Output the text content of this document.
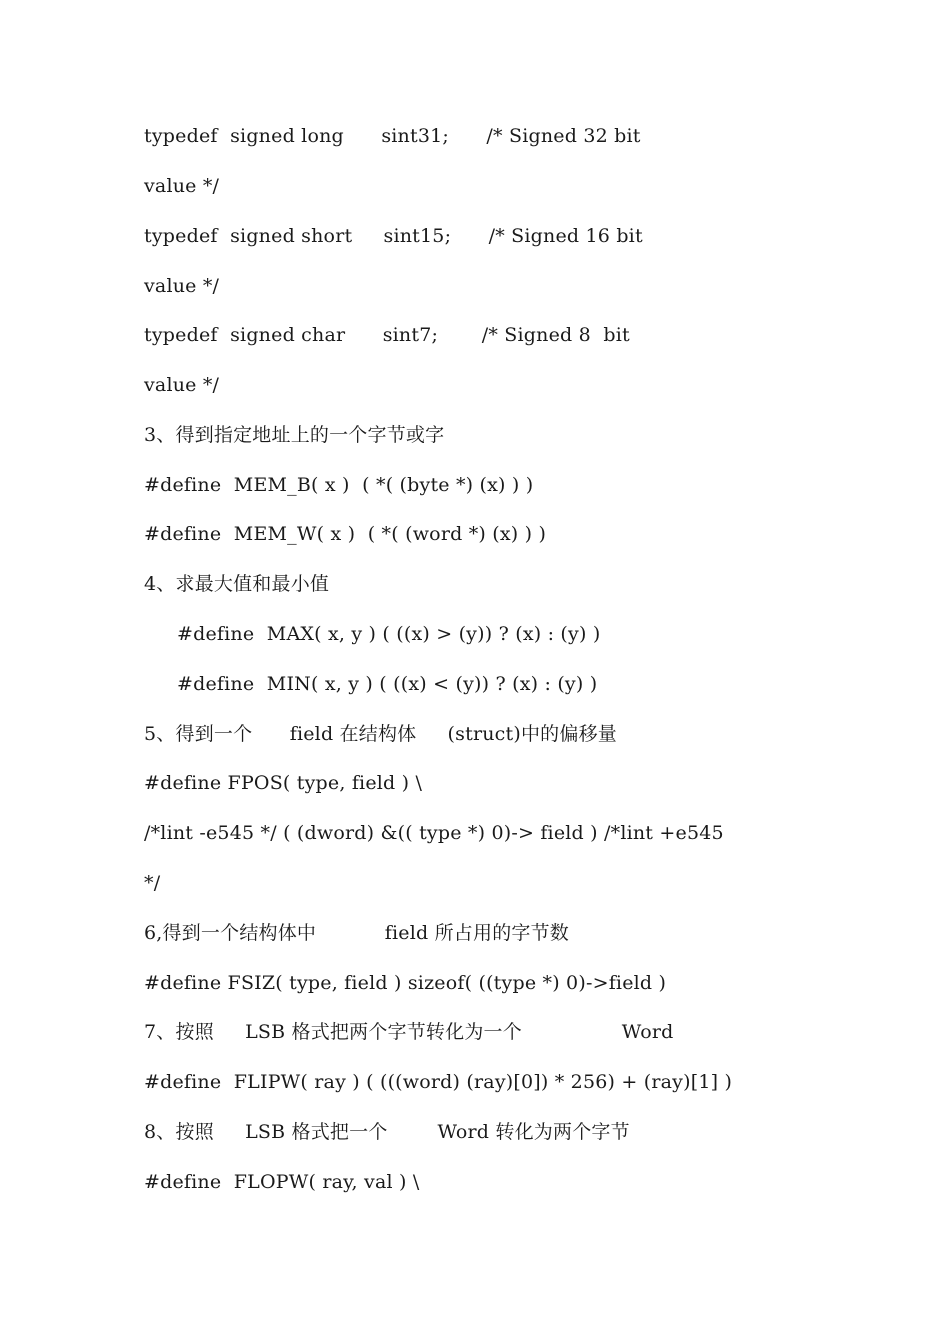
typedef  signed long      sint31;      /* Signed 32 bit
value */
typedef  signed short     sint15;      /* Signed 16 bit
value */
typedef  signed char      sint7;       /* Signed 8  bit
value */
3、得到指定地址上的一个字节或字
#define  MEM_B( x )  ( *( (byte *) (x) ) )
#define  MEM_W( x )  ( *( (word *) (x) ) )
4、求最大值和最小值
#define  MAX( x, y ) ( ((x) > (y)) ? (x) : (y) )
#define  MIN( x, y ) ( ((x) < (y)) ? (x) : (y) )
5、得到一个      field 在结构体     (struct)中的偏移量
#define FPOS( type, field ) \
/*lint -e545 */ ( (dword) &(( type *) 0)-> field ) /*lint +e545
*/
6,得到一个结构体中           field 所占用的字节数
#define FSIZ( type, field ) sizeof( ((type *) 0)->field )
7、按照     LSB 格式把两个字节转化为一个                Word
#define  FLIPW( ray ) ( (((word) (ray)[0]) * 256) + (ray)[1] )
8、按照     LSB 格式把一个        Word 转化为两个字节
#define  FLOPW( ray, val ) \
